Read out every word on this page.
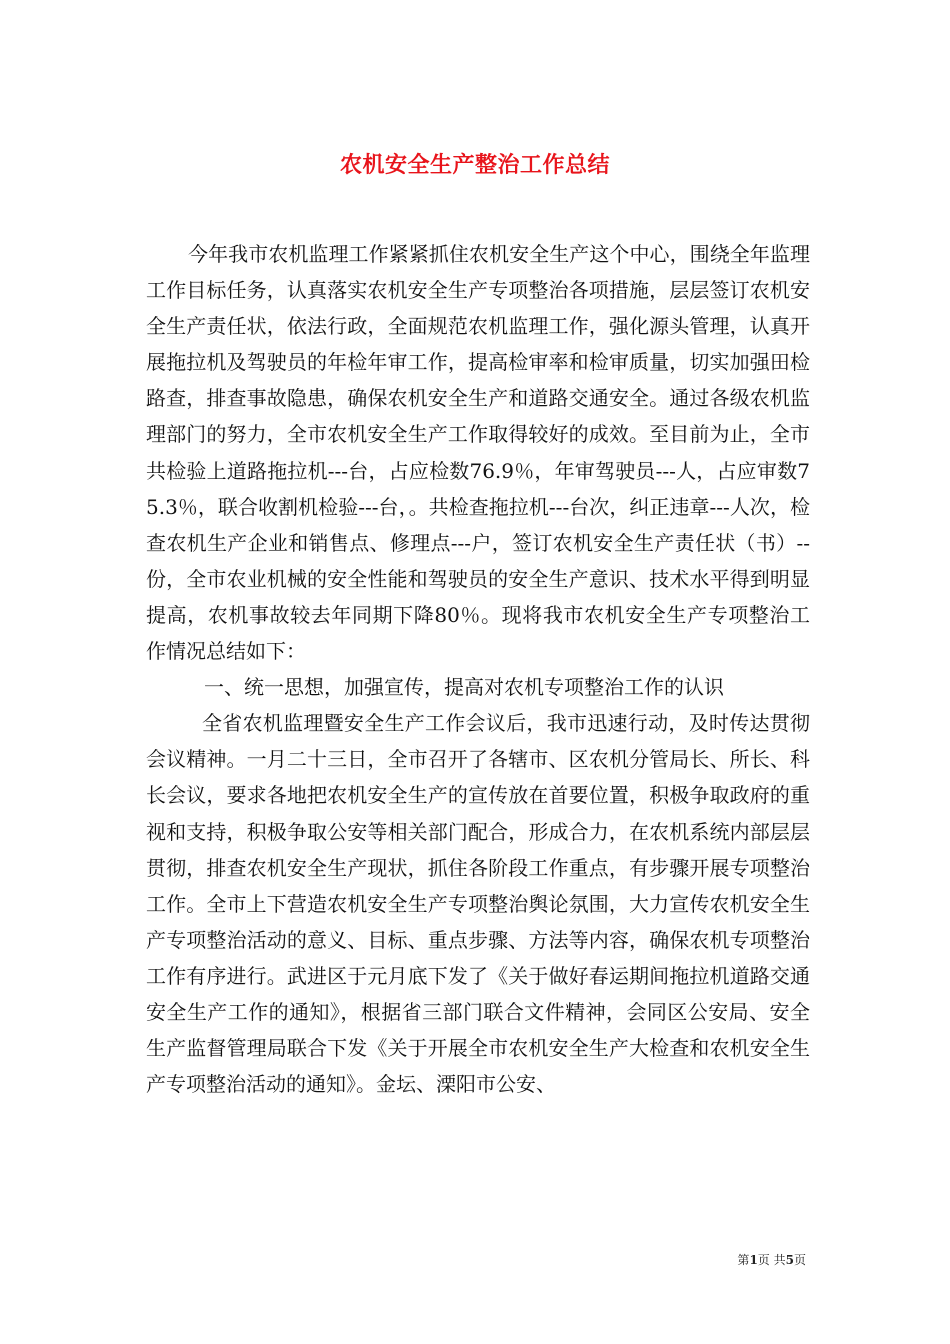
农机安全生产整治工作总结

今年我市农机监理工作紧紧抓住农机安全生产这个中心，围绕全年监理工作目标任务，认真落实农机安全生产专项整治各项措施，层层签订农机安全生产责任状，依法行政，全面规范农机监理工作，强化源头管理，认真开展拖拉机及驾驶员的年检年审工作，提高检审率和检审质量，切实加强田检路查，排查事故隐患，确保农机安全生产和道路交通安全。通过各级农机监理部门的努力，全市农机安全生产工作取得较好的成效。至目前为止，全市共检验上道路拖拉机---台，占应检数76.9％，年审驾驶员---人，占应审数75.3％，联合收割机检验---台，。共检查拖拉机---台次，纠正违章---人次，检查农机生产企业和销售点、修理点---户，签订农机安全生产责任状（书）--份，全市农业机械的安全性能和驾驶员的安全生产意识、技术水平得到明显提高，农机事故较去年同期下降80％。现将我市农机安全生产专项整治工作情况总结如下：

一、统一思想，加强宣传，提高对农机专项整治工作的认识

全省农机监理暨安全生产工作会议后，我市迅速行动，及时传达贯彻会议精神。一月二十三日，全市召开了各辖市、区农机分管局长、所长、科长会议，要求各地把农机安全生产的宣传放在首要位置，积极争取政府的重视和支持，积极争取公安等相关部门配合，形成合力，在农机系统内部层层贯彻，排查农机安全生产现状，抓住各阶段工作重点，有步骤开展专项整治工作。全市上下营造农机安全生产专项整治舆论氛围，大力宣传农机安全生产专项整治活动的意义、目标、重点步骤、方法等内容，确保农机专项整治工作有序进行。武进区于元月底下发了《关于做好春运期间拖拉机道路交通安全生产工作的通知》，根据省三部门联合文件精神，会同区公安局、安全生产监督管理局联合下发《关于开展全市农机安全生产大检查和农机安全生产专项整治活动的通知》。金坛、溧阳市公安、

第1页 共5页
